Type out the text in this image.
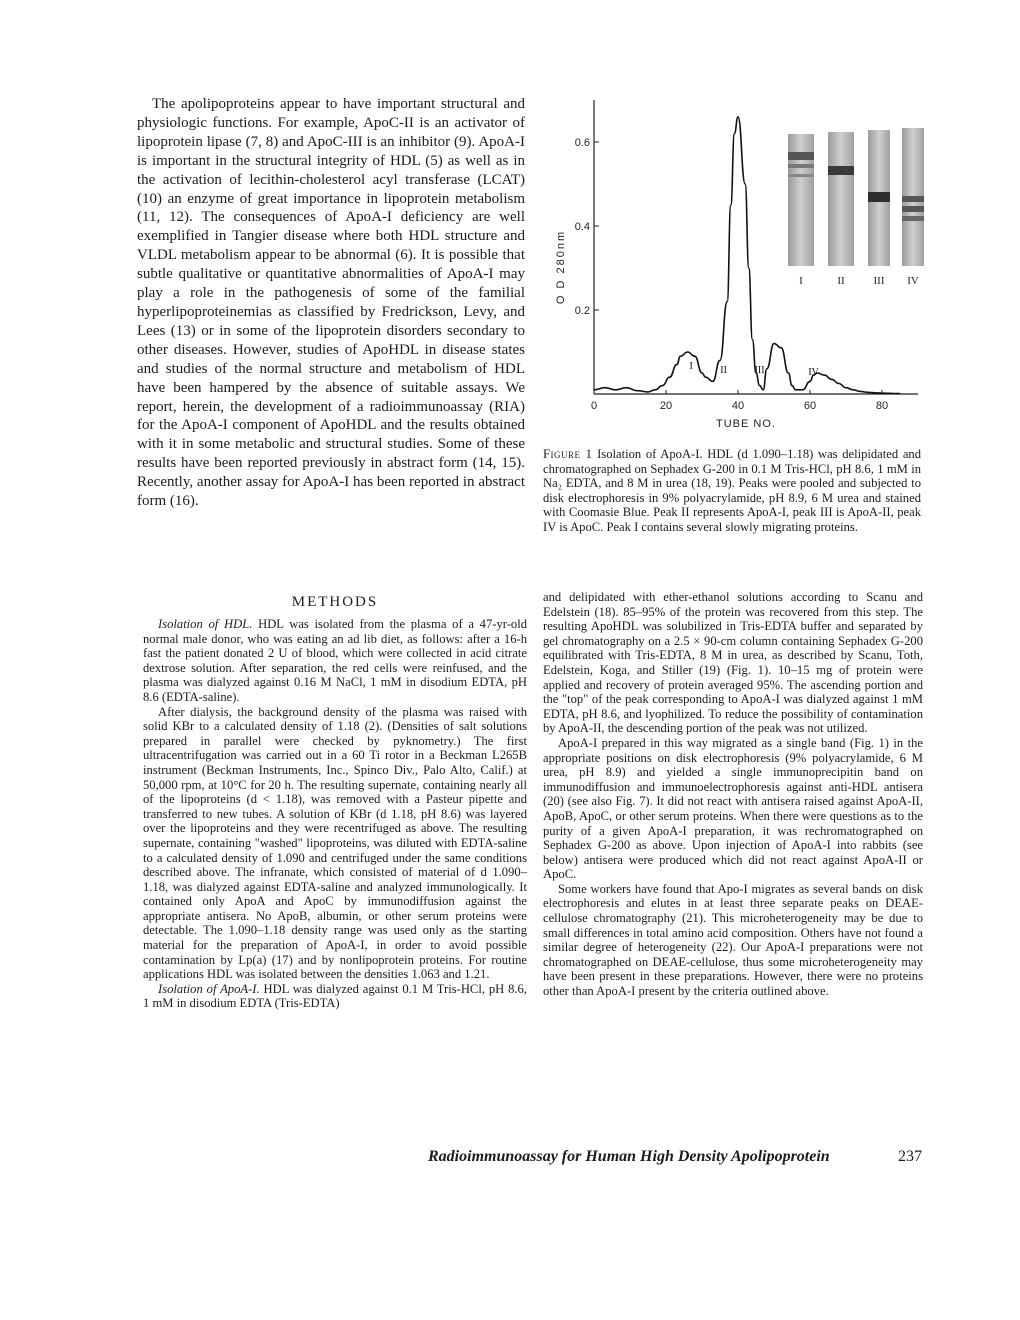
The apolipoproteins appear to have important structural and physiologic functions. For example, ApoC-II is an activator of lipoprotein lipase (7, 8) and ApoC-III is an inhibitor (9). ApoA-I is important in the structural integrity of HDL (5) as well as in the activation of lecithin-cholesterol acyl transferase (LCAT) (10) an enzyme of great importance in lipoprotein metabolism (11, 12). The consequences of ApoA-I deficiency are well exemplified in Tangier disease where both HDL structure and VLDL metabolism appear to be abnormal (6). It is possible that subtle qualitative or quantitative abnormalities of ApoA-I may play a role in the pathogenesis of some of the familial hyperlipoproteinemias as classified by Fredrickson, Levy, and Lees (13) or in some of the lipoprotein disorders secondary to other diseases. However, studies of ApoHDL in disease states and studies of the normal structure and metabolism of HDL have been hampered by the absence of suitable assays. We report, herein, the development of a radioimmunoassay (RIA) for the ApoA-I component of ApoHDL and the results obtained with it in some metabolic and structural studies. Some of these results have been reported previously in abstract form (14, 15). Recently, another assay for ApoA-I has been reported in abstract form (16).

METHODS

Isolation of HDL. HDL was isolated from the plasma of a 47-yr-old normal male donor, who was eating an ad lib diet, as follows: after a 16-h fast the patient donated 2 U of blood, which were collected in acid citrate dextrose solution. After separation, the red cells were reinfused, and the plasma was dialyzed against 0.16 M NaCl, 1 mM in disodium EDTA, pH 8.6 (EDTA-saline).

After dialysis, the background density of the plasma was raised with solid KBr to a calculated density of 1.18 (2). (Densities of salt solutions prepared in parallel were checked by pyknometry.) The first ultracentrifugation was carried out in a 60 Ti rotor in a Beckman L265B instrument (Beckman Instruments, Inc., Spinco Div., Palo Alto, Calif.) at 50,000 rpm, at 10°C for 20 h. The resulting supernate, containing nearly all of the lipoproteins (d < 1.18), was removed with a Pasteur pipette and transferred to new tubes. A solution of KBr (d 1.18, pH 8.6) was layered over the lipoproteins and they were recentrifuged as above. The resulting supernate, containing "washed" lipoproteins, was diluted with EDTA-saline to a calculated density of 1.090 and centrifuged under the same conditions described above. The infranate, which consisted of material of d 1.090–1.18, was dialyzed against EDTA-saline and analyzed immunologically. It contained only ApoA and ApoC by immunodiffusion against the appropriate antisera. No ApoB, albumin, or other serum proteins were detectable. The 1.090–1.18 density range was used only as the starting material for the preparation of ApoA-I, in order to avoid possible contamination by Lp(a) (17) and by nonlipoprotein proteins. For routine applications HDL was isolated between the densities 1.063 and 1.21.

Isolation of ApoA-I. HDL was dialyzed against 0.1 M Tris-HCl, pH 8.6, 1 mM in disodium EDTA (Tris-EDTA)

0.2
0.4
0.6
0	20	40	60	80
TUBE NO.
O D 280nm
I	II	III	IV
I	II	III IV

Figure 1 Isolation of ApoA-I. HDL (d 1.090–1.18) was delipidated and chromatographed on Sephadex G-200 in 0.1 M Tris-HCl, pH 8.6, 1 mM in Na₂ EDTA, and 8 M in urea (18, 19). Peaks were pooled and subjected to disk electrophoresis in 9% polyacrylamide, pH 8.9, 6 M urea and stained with Coomasie Blue. Peak II represents ApoA-I, peak III is ApoA-II, peak IV is ApoC. Peak I contains several slowly migrating proteins.

and delipidated with ether-ethanol solutions according to Scanu and Edelstein (18). 85–95% of the protein was recovered from this step. The resulting ApoHDL was solubilized in Tris-EDTA buffer and separated by gel chromatography on a 2.5 × 90-cm column containing Sephadex G-200 equilibrated with Tris-EDTA, 8 M in urea, as described by Scanu, Toth, Edelstein, Koga, and Stiller (19) (Fig. 1). 10–15 mg of protein were applied and recovery of protein averaged 95%. The ascending portion and the "top" of the peak corresponding to ApoA-I was dialyzed against 1 mM EDTA, pH 8.6, and lyophilized. To reduce the possibility of contamination by ApoA-II, the descending portion of the peak was not utilized.

ApoA-I prepared in this way migrated as a single band (Fig. 1) in the appropriate positions on disk electrophoresis (9% polyacrylamide, 6 M urea, pH 8.9) and yielded a single immunoprecipitin band on immunodiffusion and immunoelectrophoresis against anti-HDL antisera (20) (see also Fig. 7). It did not react with antisera raised against ApoA-II, ApoB, ApoC, or other serum proteins. When there were questions as to the purity of a given ApoA-I preparation, it was rechromatographed on Sephadex G-200 as above. Upon injection of ApoA-I into rabbits (see below) antisera were produced which did not react against ApoA-II or ApoC.

Some workers have found that Apo-I migrates as several bands on disk electrophoresis and elutes in at least three separate peaks on DEAE-cellulose chromatography (21). This microheterogeneity may be due to small differences in total amino acid composition. Others have not found a similar degree of heterogeneity (22). Our ApoA-I preparations were not chromatographed on DEAE-cellulose, thus some microheterogeneity may have been present in these preparations. However, there were no proteins other than ApoA-I present by the criteria outlined above.

Radioimmunoassay for Human High Density Apolipoprotein	237
